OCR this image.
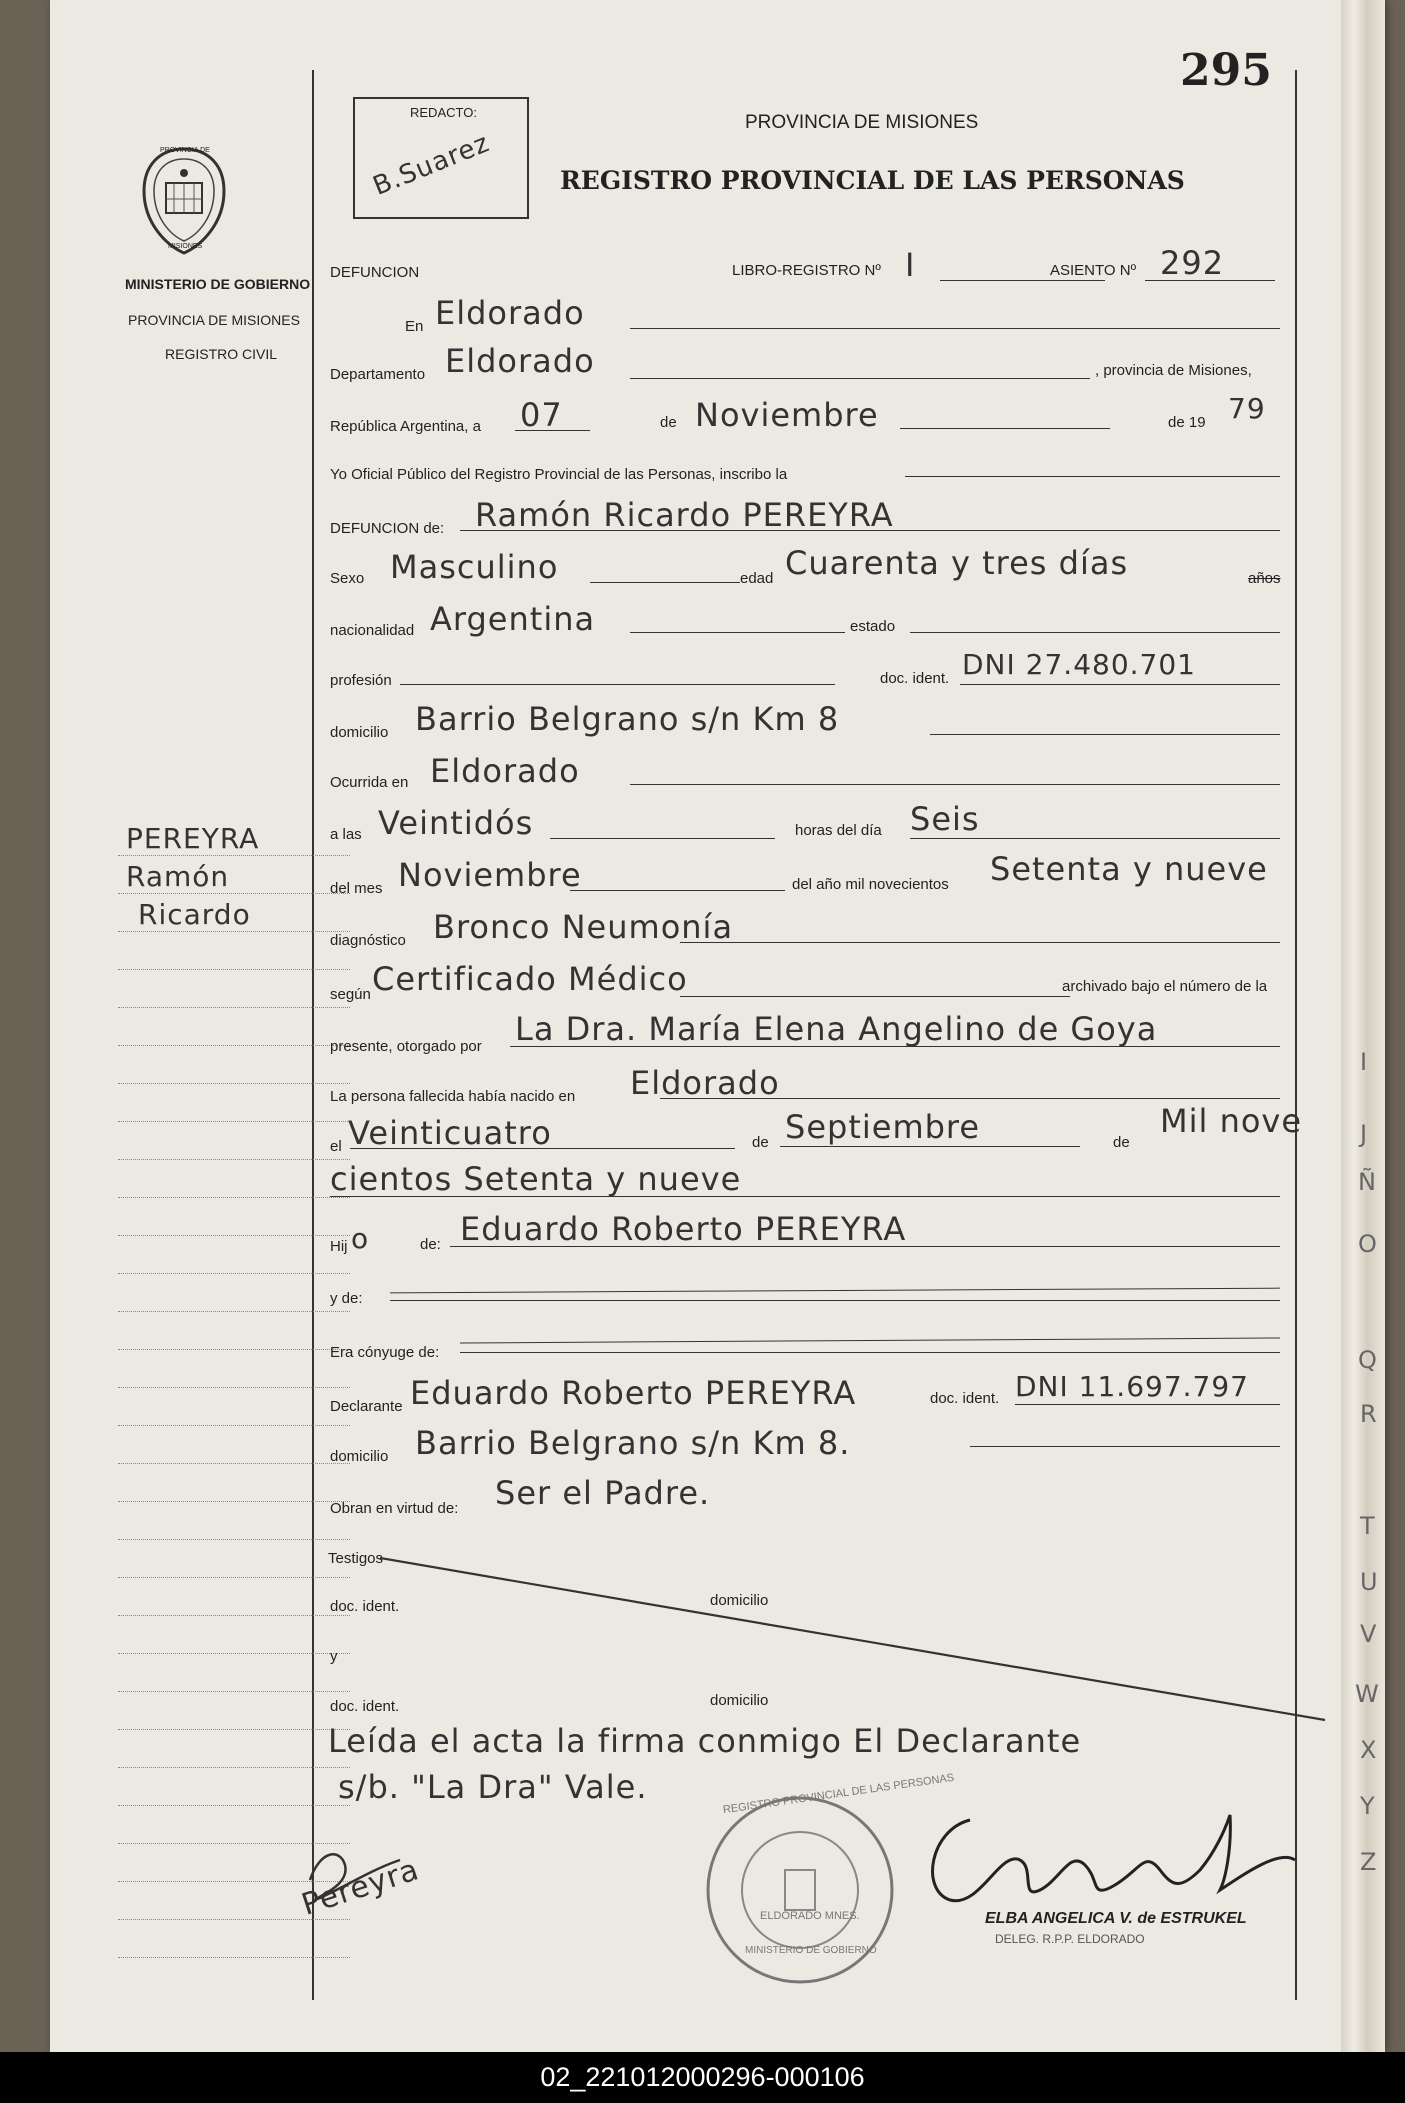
295
PROVINCIA DE
MISIONES
MINISTERIO DE GOBIERNO
PROVINCIA DE MISIONES
REGISTRO CIVIL
PEREYRA
Ramón
Ricardo
REDACTO:
B.Suarez
PROVINCIA DE MISIONES
REGISTRO PROVINCIAL DE LAS PERSONAS
DEFUNCION	LIBRO-REGISTRO Nº I	ASIENTO Nº 292
En Eldorado
Departamento Eldorado	, provincia de Misiones,
República Argentina, a 07	de Noviembre	de 19 79
Yo Oficial Público del Registro Provincial de las Personas, inscribo la
DEFUNCION de: Ramón Ricardo PEREYRA
Sexo Masculino	edad Cuarenta y tres días	años
nacionalidad Argentina	estado
profesión	doc. ident. DNI 27.480.701
domicilio Barrio Belgrano s/n Km 8
Ocurrida en Eldorado
a las Veintidós	horas del día Seis
del mes Noviembre	del año mil novecientos Setenta y nueve
diagnóstico Bronco Neumonía
según Certificado Médico	archivado bajo el número de la
presente, otorgado por La Dra. María Elena Angelino de Goya
La persona fallecida había nacido en Eldorado
el Veinticuatro	de Septiembre	de
Mil nove
cientos Setenta y nueve
Hij o	de: Eduardo Roberto PEREYRA
y de:
Era cónyuge de:
Declarante Eduardo Roberto PEREYRA	doc. ident. DNI 11.697.797
domicilio Barrio Belgrano s/n Km 8.
Obran en virtud de: Ser el Padre.
Testigos
doc. ident.	domicilio
y
doc. ident.	domicilio
Leída el acta la firma conmigo El Declarante
s/b. "La Dra" Vale.
Pereyra
REGISTRO PROVINCIAL DE LAS PERSONAS
ELDORADO MNES.
MINISTERIO DE GOBIERNO
ELBA ANGELICA V. de ESTRUKEL
DELEG. R.P.P. ELDORADO
I
J
Ñ
O
Q
R
T
U
V
W
X
Y
Z
02_221012000296-000106
